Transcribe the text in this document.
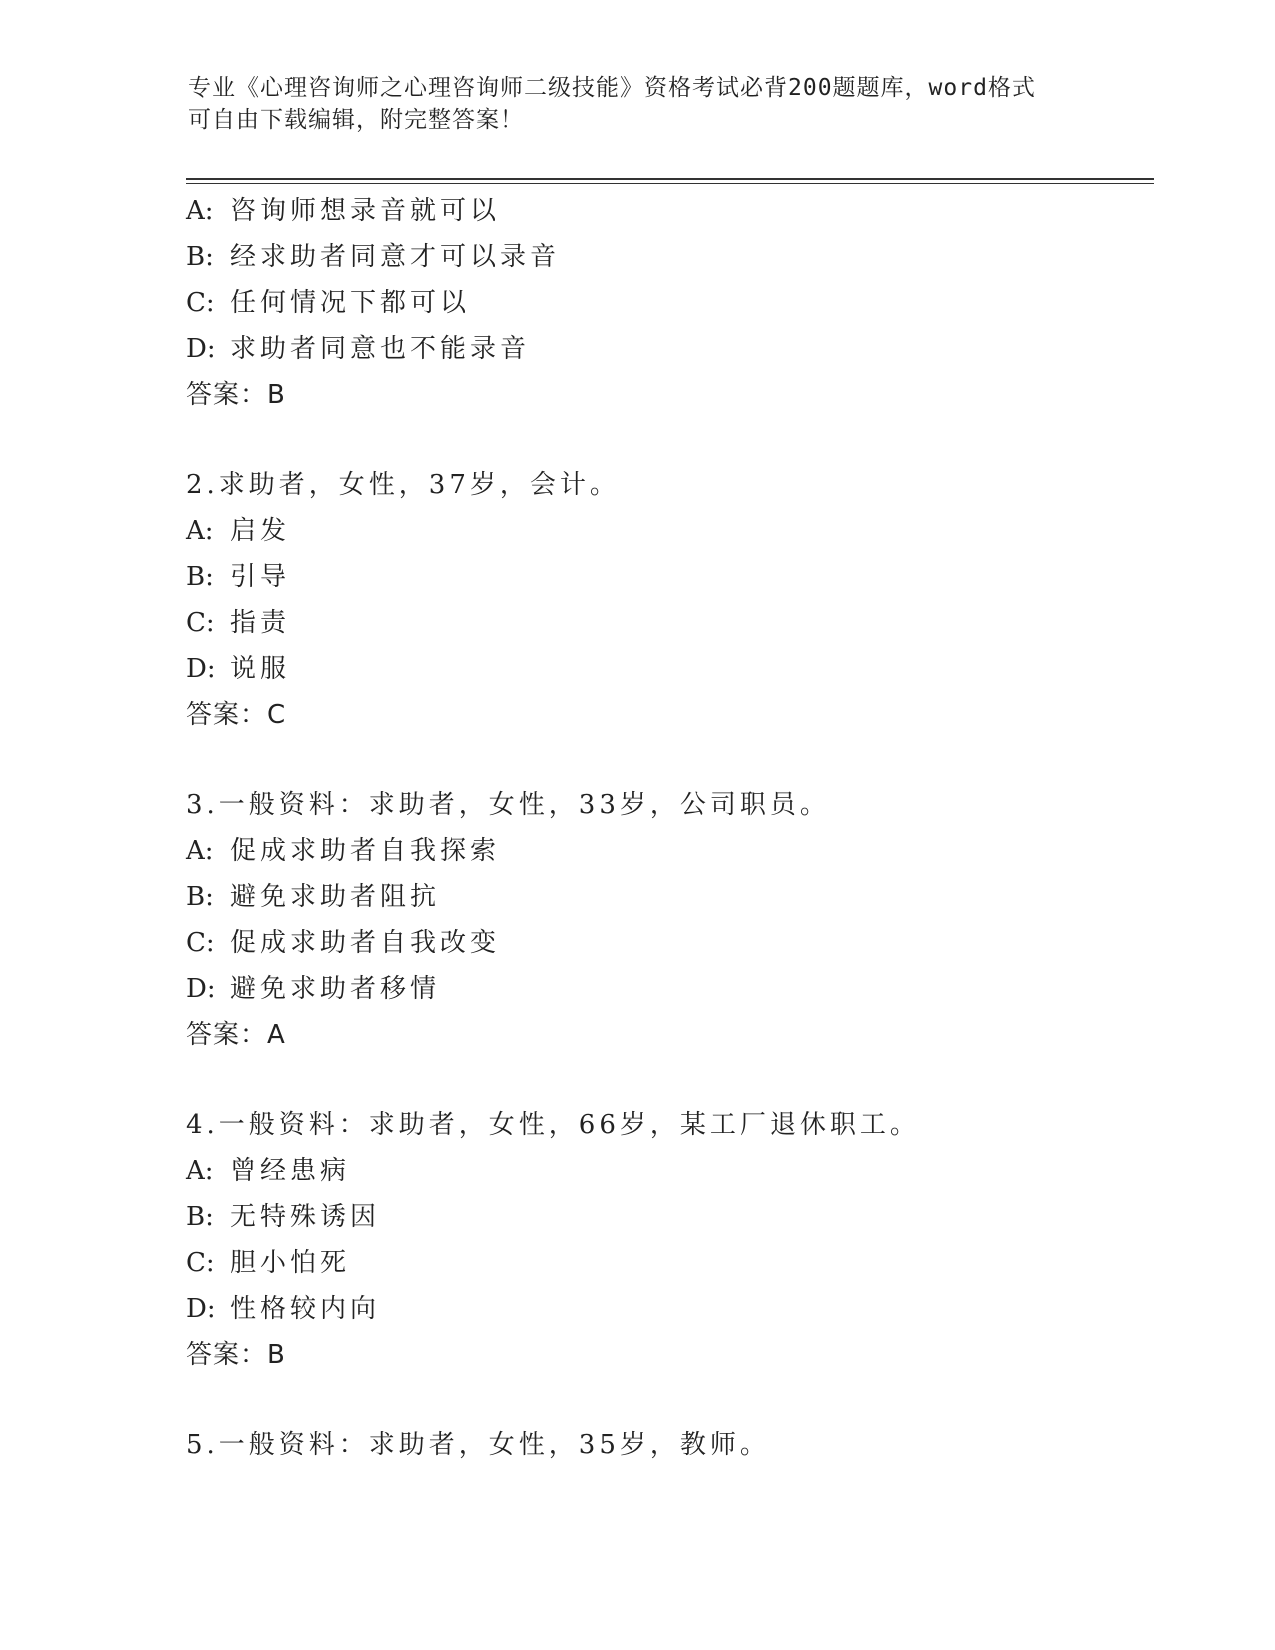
专业《心理咨询师之心理咨询师二级技能》资格考试必背200题题库，word格式
可自由下载编辑，附完整答案！
A: 咨询师想录音就可以
B: 经求助者同意才可以录音
C: 任何情况下都可以
D: 求助者同意也不能录音
答案：B
2.求助者，女性，37岁，会计。
A: 启发
B: 引导
C: 指责
D: 说服
答案：C
3.一般资料：求助者，女性，33岁，公司职员。
A: 促成求助者自我探索
B: 避免求助者阻抗
C: 促成求助者自我改变
D: 避免求助者移情
答案：A
4.一般资料：求助者，女性，66岁，某工厂退休职工。
A: 曾经患病
B: 无特殊诱因
C: 胆小怕死
D: 性格较内向
答案：B
5.一般资料：求助者，女性，35岁，教师。
